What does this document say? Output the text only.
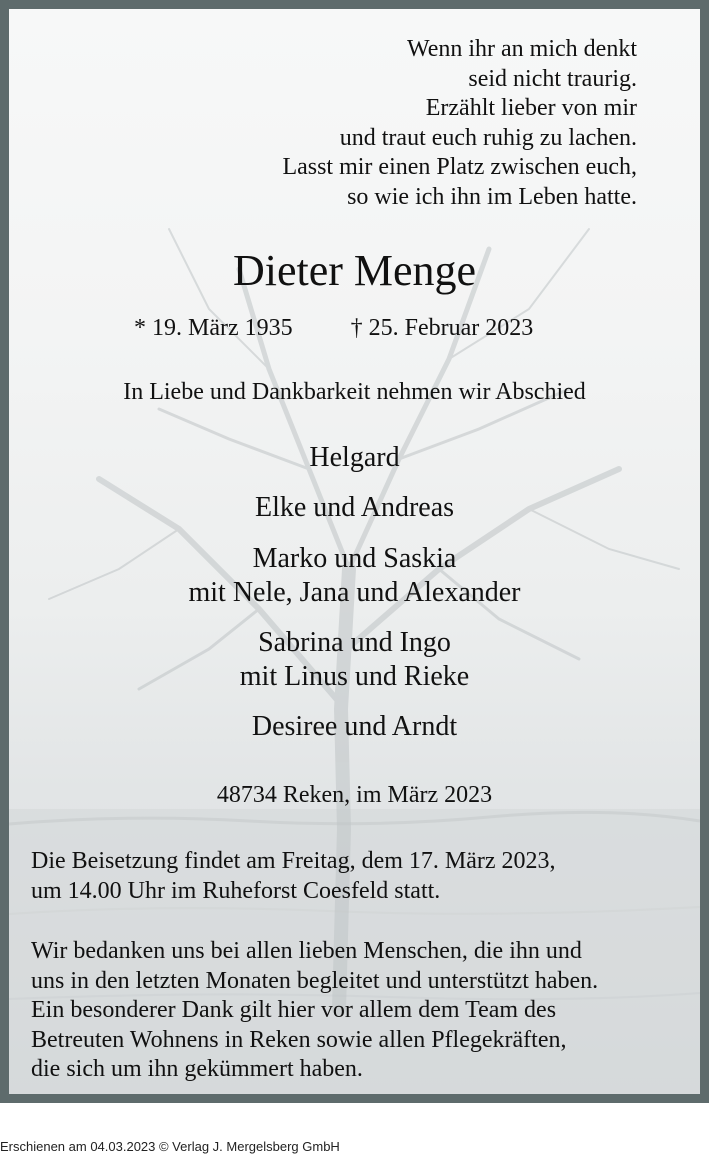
Wenn ihr an mich denkt
seid nicht traurig.
Erzählt lieber von mir
und traut euch ruhig zu lachen.
Lasst mir einen Platz zwischen euch,
so wie ich ihn im Leben hatte.
Dieter Menge
* 19. März 1935 † 25. Februar 2023
In Liebe und Dankbarkeit nehmen wir Abschied
Helgard
Elke und Andreas
Marko und Saskia
mit Nele, Jana und Alexander
Sabrina und Ingo
mit Linus und Rieke
Desiree und Arndt
48734 Reken, im März 2023
Die Beisetzung findet am Freitag, dem 17. März 2023,
um 14.00 Uhr im Ruheforst Coesfeld statt.
Wir bedanken uns bei allen lieben Menschen, die ihn und
uns in den letzten Monaten begleitet und unterstützt haben.
Ein besonderer Dank gilt hier vor allem dem Team des
Betreuten Wohnens in Reken sowie allen Pflegekräften,
die sich um ihn gekümmert haben.
Erschienen am 04.03.2023 © Verlag J. Mergelsberg GmbH
